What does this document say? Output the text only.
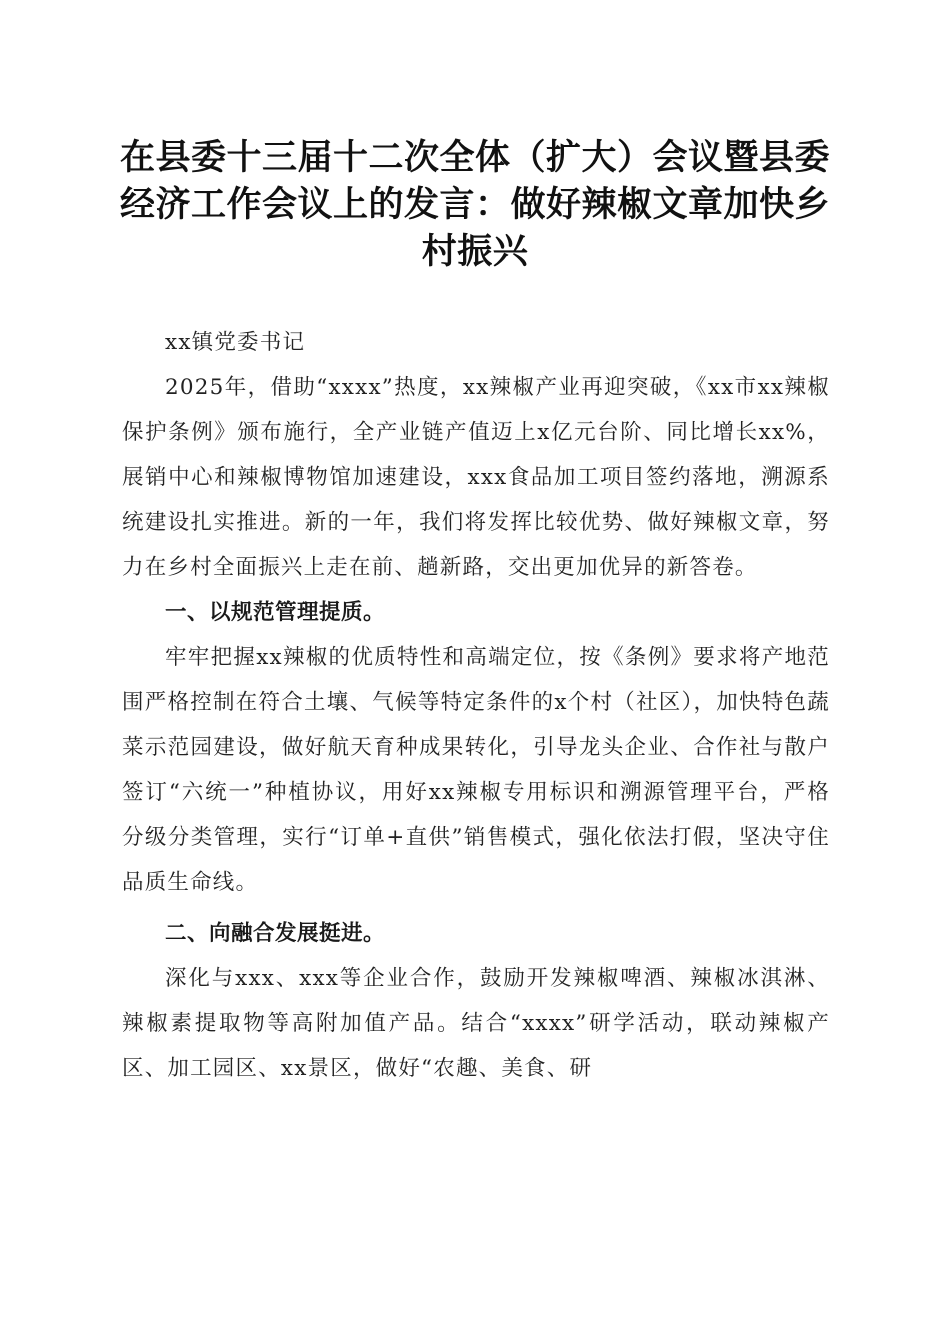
在县委十三届十二次全体（扩大）会议暨县委经济工作会议上的发言：做好辣椒文章加快乡村振兴

xx镇党委书记

2025年，借助“xxxx”热度，xx辣椒产业再迎突破，《xx市xx辣椒保护条例》颁布施行，全产业链产值迈上x亿元台阶、同比增长xx%，展销中心和辣椒博物馆加速建设，xxx食品加工项目签约落地，溯源系统建设扎实推进。新的一年，我们将发挥比较优势、做好辣椒文章，努力在乡村全面振兴上走在前、趟新路，交出更加优异的新答卷。

一、以规范管理提质。

牢牢把握xx辣椒的优质特性和高端定位，按《条例》要求将产地范围严格控制在符合土壤、气候等特定条件的x个村（社区），加快特色蔬菜示范园建设，做好航天育种成果转化，引导龙头企业、合作社与散户签订“六统一”种植协议，用好xx辣椒专用标识和溯源管理平台，严格分级分类管理，实行“订单+直供”销售模式，强化依法打假，坚决守住品质生命线。

二、向融合发展挺进。

深化与xxx、xxx等企业合作，鼓励开发辣椒啤酒、辣椒冰淇淋、辣椒素提取物等高附加值产品。结合“xxxx”研学活动，联动辣椒产区、加工园区、xx景区，做好“农趣、美食、研
